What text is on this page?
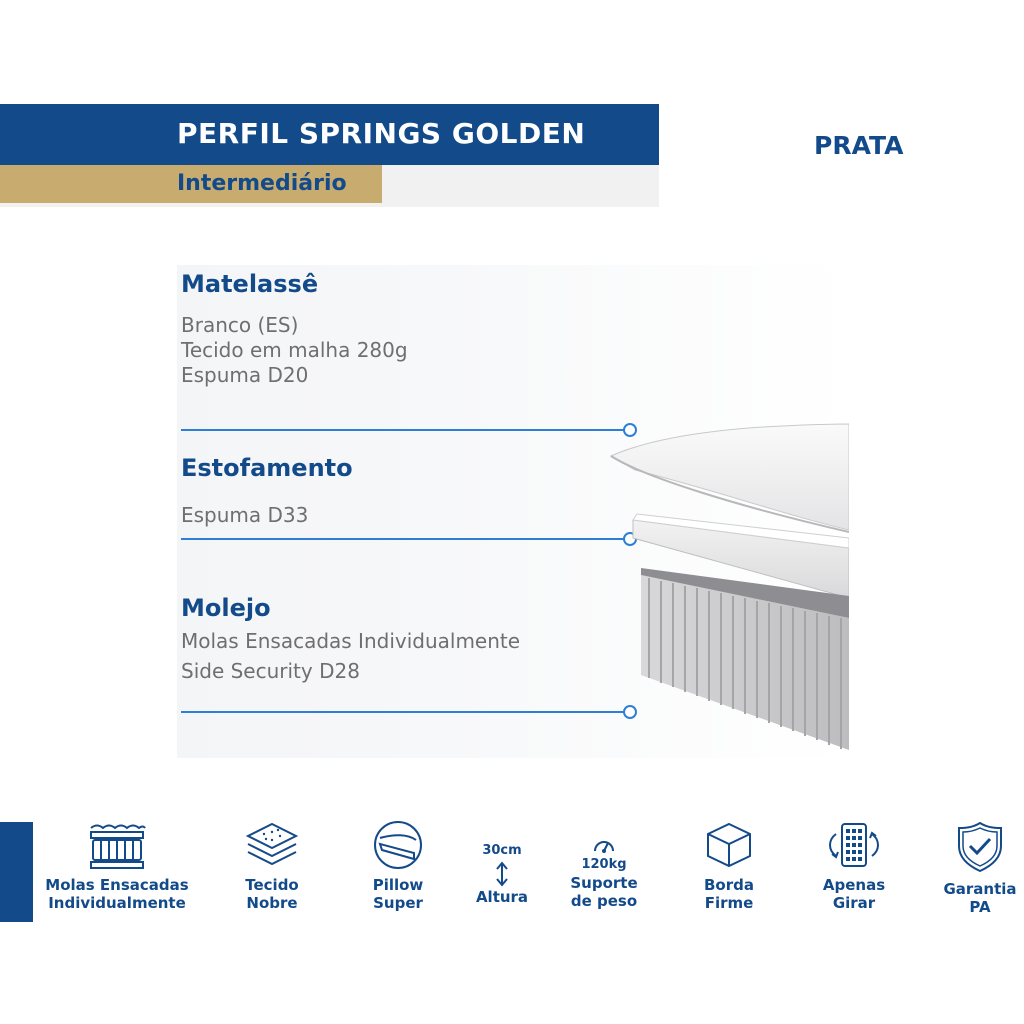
PERFIL SPRINGS GOLDEN
Intermediário
PRATA
Matelassê
Branco (ES)
Tecido em malha 280g
Espuma D20
Estofamento
Espuma D33
Molejo
Molas Ensacadas Individualmente
Side Security D28
Molas Ensacadas
Individualmente
Tecido
Nobre
Pillow
Super
30cm
Altura
120kg
Suporte
de peso
Borda
Firme
Apenas
Girar
Garantia
PA
